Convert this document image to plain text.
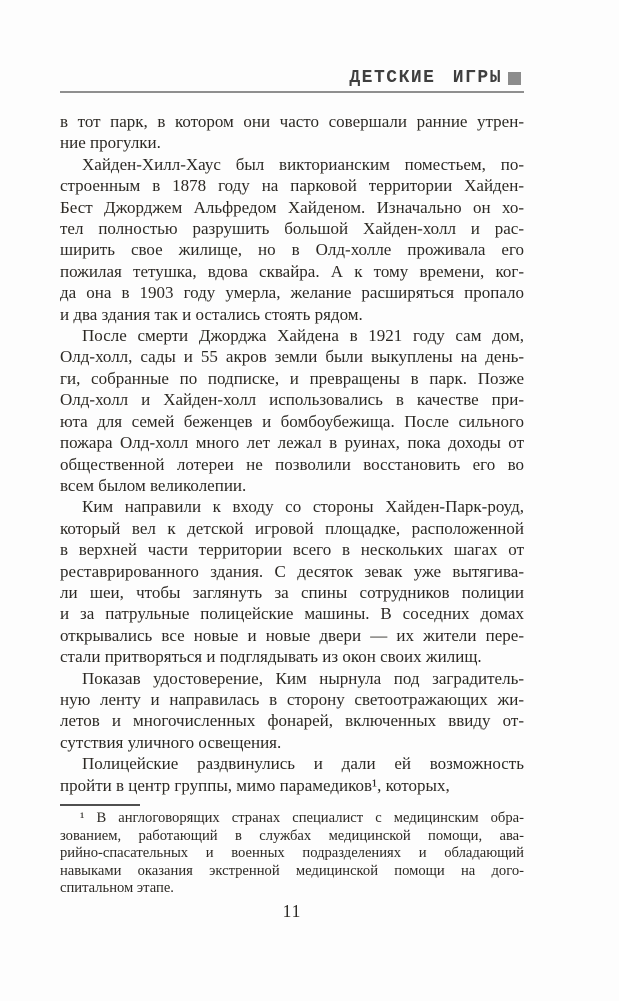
ДЕТСКИЕ ИГРЫ
в тот парк, в котором они часто совершали ранние утрен-
ние прогулки.
Хайден-Хилл-Хаус был викторианским поместьем, по-
строенным в 1878 году на парковой территории Хайден-
Бест Джорджем Альфредом Хайденом. Изначально он хо-
тел полностью разрушить большой Хайден-холл и рас-
ширить свое жилище, но в Олд-холле проживала его
пожилая тетушка, вдова сквайра. А к тому времени, ког-
да она в 1903 году умерла, желание расширяться пропало
и два здания так и остались стоять рядом.
После смерти Джорджа Хайдена в 1921 году сам дом,
Олд-холл, сады и 55 акров земли были выкуплены на день-
ги, собранные по подписке, и превращены в парк. Позже
Олд-холл и Хайден-холл использовались в качестве при-
юта для семей беженцев и бомбоубежища. После сильного
пожара Олд-холл много лет лежал в руинах, пока доходы от
общественной лотереи не позволили восстановить его во
всем былом великолепии.
Ким направили к входу со стороны Хайден-Парк-роуд,
который вел к детской игровой площадке, расположенной
в верхней части территории всего в нескольких шагах от
реставрированного здания. С десяток зевак уже вытягива-
ли шеи, чтобы заглянуть за спины сотрудников полиции
и за патрульные полицейские машины. В соседних домах
открывались все новые и новые двери — их жители пере-
стали притворяться и подглядывать из окон своих жилищ.
Показав удостоверение, Ким нырнула под заградитель-
ную ленту и направилась в сторону светоотражающих жи-
летов и многочисленных фонарей, включенных ввиду от-
сутствия уличного освещения.
Полицейские раздвинулись и дали ей возможность
пройти в центр группы, мимо парамедиков¹, которых,
¹ В англоговорящих странах специалист с медицинским обра-
зованием, работающий в службах медицинской помощи, ава-
рийно-спасательных и военных подразделениях и обладающий
навыками оказания экстренной медицинской помощи на дого-
спитальном этапе.
11
